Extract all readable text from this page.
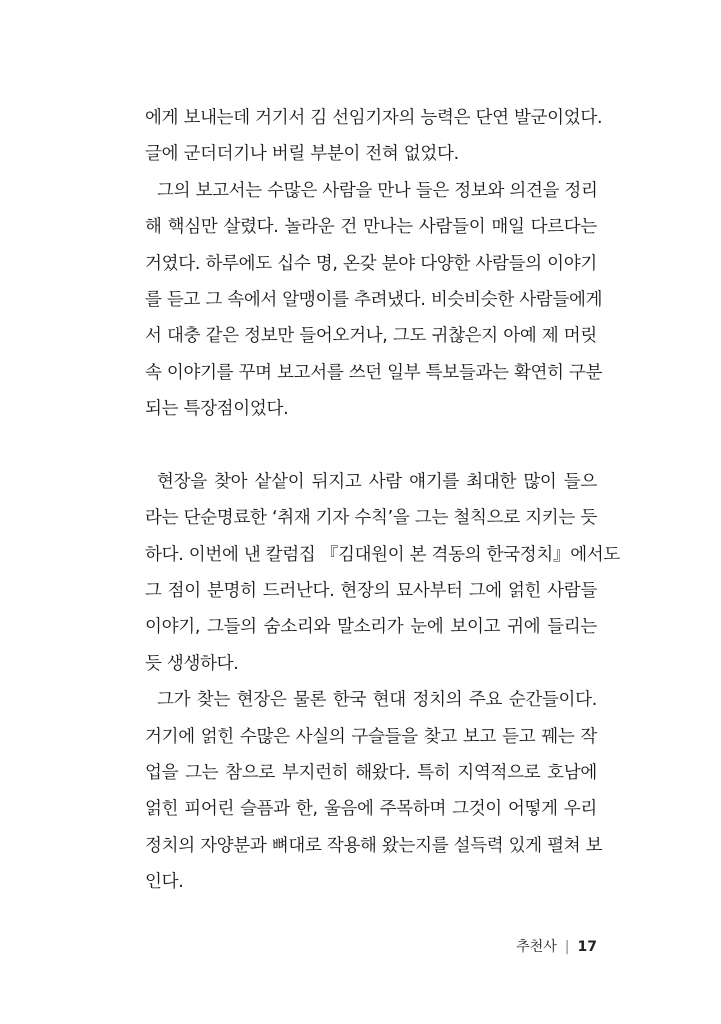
에게 보내는데 거기서 김 선임기자의 능력은 단연 발군이었다.
글에 군더더기나 버릴 부분이 전혀 없었다.
그의 보고서는 수많은 사람을 만나 들은 정보와 의견을 정리
해 핵심만 살렸다. 놀라운 건 만나는 사람들이 매일 다르다는
거였다. 하루에도 십수 명, 온갖 분야 다양한 사람들의 이야기
를 듣고 그 속에서 알맹이를 추려냈다. 비슷비슷한 사람들에게
서 대충 같은 정보만 들어오거나, 그도 귀찮은지 아예 제 머릿
속 이야기를 꾸며 보고서를 쓰던 일부 특보들과는 확연히 구분
되는 특장점이었다.
현장을 찾아 샅샅이 뒤지고 사람 얘기를 최대한 많이 들으
라는 단순명료한 ‘취재 기자 수칙’을 그는 철칙으로 지키는 듯
하다. 이번에 낸 칼럼집 『김대원이 본 격동의 한국정치』에서도
그 점이 분명히 드러난다. 현장의 묘사부터 그에 얽힌 사람들
이야기, 그들의 숨소리와 말소리가 눈에 보이고 귀에 들리는
듯 생생하다.
그가 찾는 현장은 물론 한국 현대 정치의 주요 순간들이다.
거기에 얽힌 수많은 사실의 구슬들을 찾고 보고 듣고 꿰는 작
업을 그는 참으로 부지런히 해왔다. 특히 지역적으로 호남에
얽힌 피어린 슬픔과 한, 울음에 주목하며 그것이 어떻게 우리
정치의 자양분과 뼈대로 작용해 왔는지를 설득력 있게 펼쳐 보
인다.
추천사 | 17
